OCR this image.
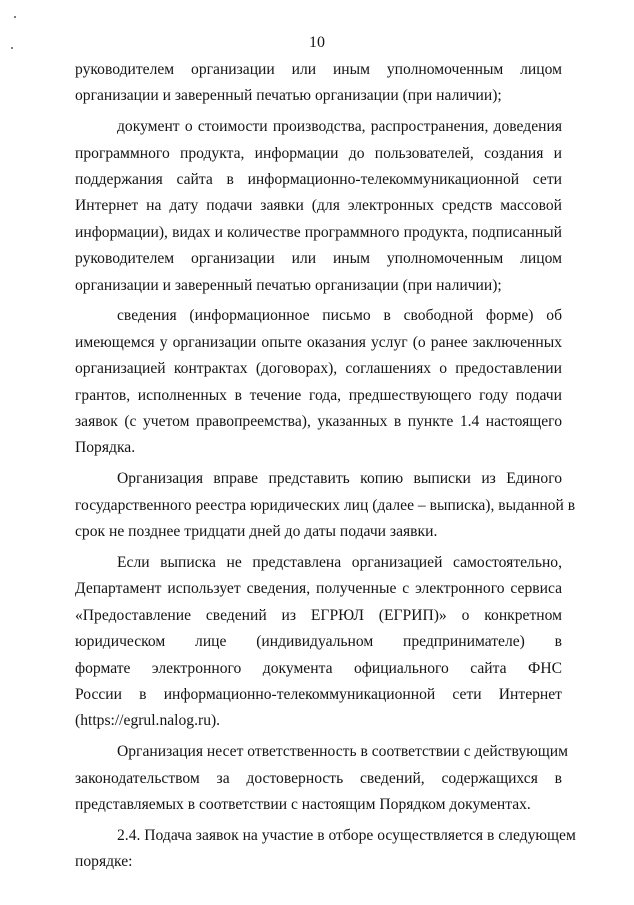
10
руководителем организации или иным уполномоченным лицом
организации и заверенный печатью организации (при наличии);
документ о стоимости производства, распространения, доведения
программного продукта, информации до пользователей, создания и
поддержания сайта в информационно-телекоммуникационной сети
Интернет на дату подачи заявки (для электронных средств массовой
информации), видах и количестве программного продукта, подписанный
руководителем организации или иным уполномоченным лицом
организации и заверенный печатью организации (при наличии);
сведения (информационное письмо в свободной форме) об
имеющемся у организации опыте оказания услуг (о ранее заключенных
организацией контрактах (договорах), соглашениях о предоставлении
грантов, исполненных в течение года, предшествующего году подачи
заявок (с учетом правопреемства), указанных в пункте 1.4 настоящего
Порядка.
Организация вправе представить копию выписки из Единого
государственного реестра юридических лиц (далее – выписка), выданной в
срок не позднее тридцати дней до даты подачи заявки.
Если выписка не представлена организацией самостоятельно,
Департамент использует сведения, полученные с электронного сервиса
«Предоставление сведений из ЕГРЮЛ (ЕГРИП)» о конкретном
юридическом лице (индивидуальном предпринимателе) в
формате электронного документа официального сайта ФНС
России в информационно-телекоммуникационной сети Интернет
(https://egrul.nalog.ru).
Организация несет ответственность в соответствии с действующим
законодательством за достоверность сведений, содержащихся в
представляемых в соответствии с настоящим Порядком документах.
2.4. Подача заявок на участие в отборе осуществляется в следующем
порядке:
